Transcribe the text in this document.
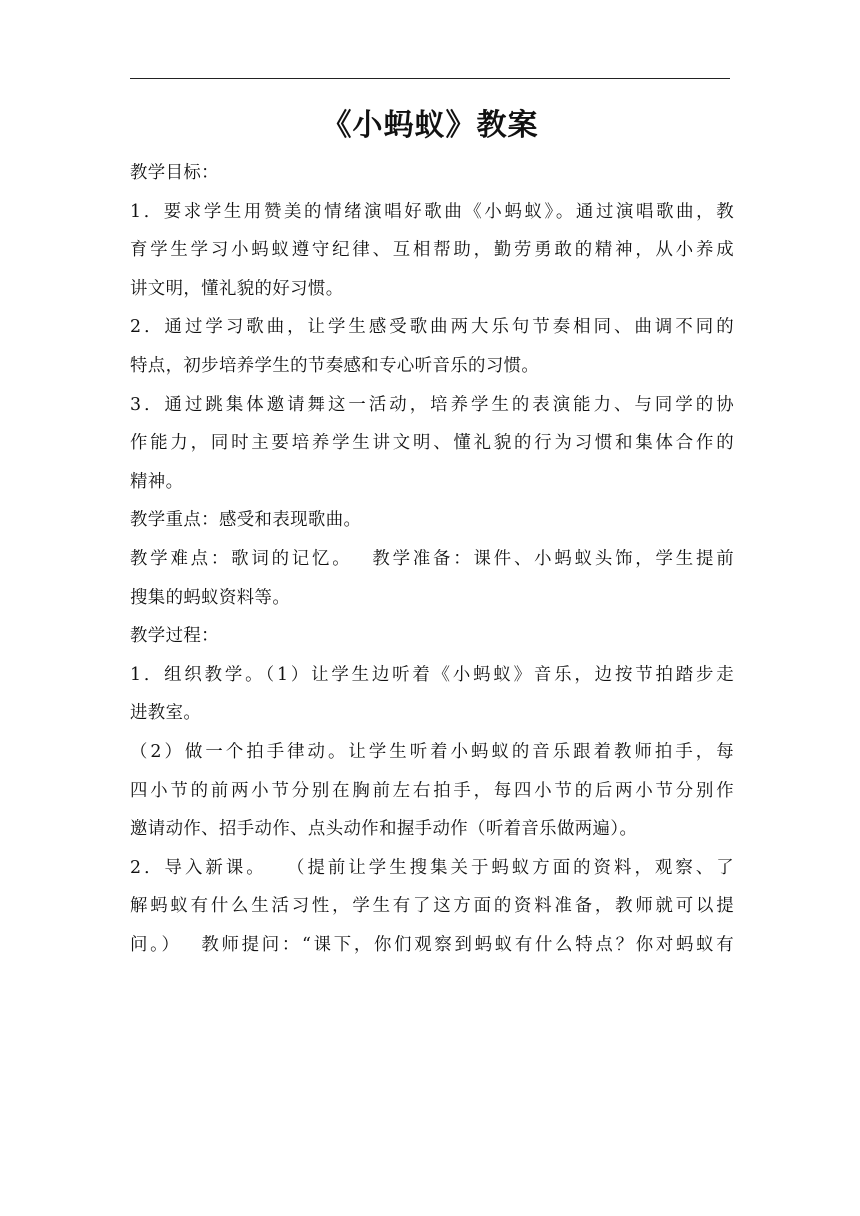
《小蚂蚁》教案
教学目标：
1．要求学生用赞美的情绪演唱好歌曲《小蚂蚁》。通过演唱歌曲，教
育学生学习小蚂蚁遵守纪律、互相帮助，勤劳勇敢的精神，从小养成
讲文明，懂礼貌的好习惯。
2．通过学习歌曲，让学生感受歌曲两大乐句节奏相同、曲调不同的
特点，初步培养学生的节奏感和专心听音乐的习惯。
3．通过跳集体邀请舞这一活动，培养学生的表演能力、与同学的协
作能力，同时主要培养学生讲文明、懂礼貌的行为习惯和集体合作的
精神。
教学重点：感受和表现歌曲。
教学难点：歌词的记忆。　 教学准备：课件、小蚂蚁头饰，学生提前
搜集的蚂蚁资料等。
教学过程：
1．组织教学。（1）让学生边听着《小蚂蚁》音乐，边按节拍踏步走
进教室。
（2）做一个拍手律动。让学生听着小蚂蚁的音乐跟着教师拍手，每
四小节的前两小节分别在胸前左右拍手，每四小节的后两小节分别作
邀请动作、招手动作、点头动作和握手动作（听着音乐做两遍）。
2．导入新课。　 （提前让学生搜集关于蚂蚁方面的资料，观察、了
解蚂蚁有什么生活习性，学生有了这方面的资料准备，教师就可以提
问。）　 教师提问：“课下，你们观察到蚂蚁有什么特点？你对蚂蚁有
